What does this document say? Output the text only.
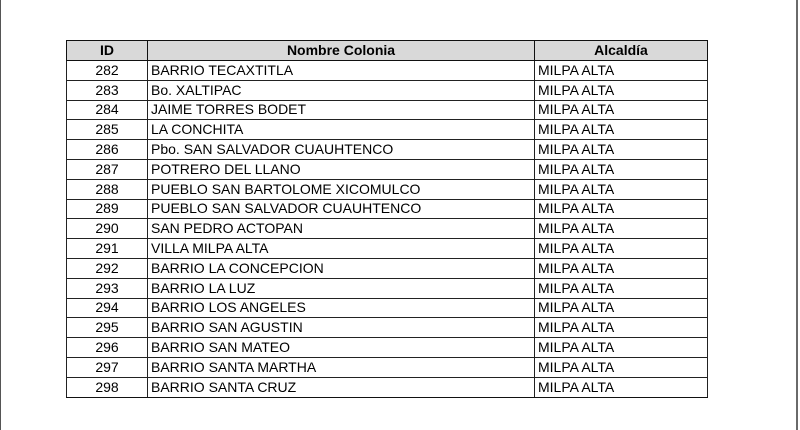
ID	Nombre Colonia	Alcaldía
282	BARRIO TECAXTITLA	MILPA ALTA
283	Bo. XALTIPAC	MILPA ALTA
284	JAIME TORRES BODET	MILPA ALTA
285	LA CONCHITA	MILPA ALTA
286	Pbo. SAN SALVADOR CUAUHTENCO	MILPA ALTA
287	POTRERO DEL LLANO	MILPA ALTA
288	PUEBLO SAN BARTOLOME XICOMULCO	MILPA ALTA
289	PUEBLO SAN SALVADOR CUAUHTENCO	MILPA ALTA
290	SAN PEDRO ACTOPAN	MILPA ALTA
291	VILLA MILPA ALTA	MILPA ALTA
292	BARRIO LA CONCEPCION	MILPA ALTA
293	BARRIO LA LUZ	MILPA ALTA
294	BARRIO LOS ANGELES	MILPA ALTA
295	BARRIO SAN AGUSTIN	MILPA ALTA
296	BARRIO SAN MATEO	MILPA ALTA
297	BARRIO SANTA MARTHA	MILPA ALTA
298	BARRIO SANTA CRUZ	MILPA ALTA
